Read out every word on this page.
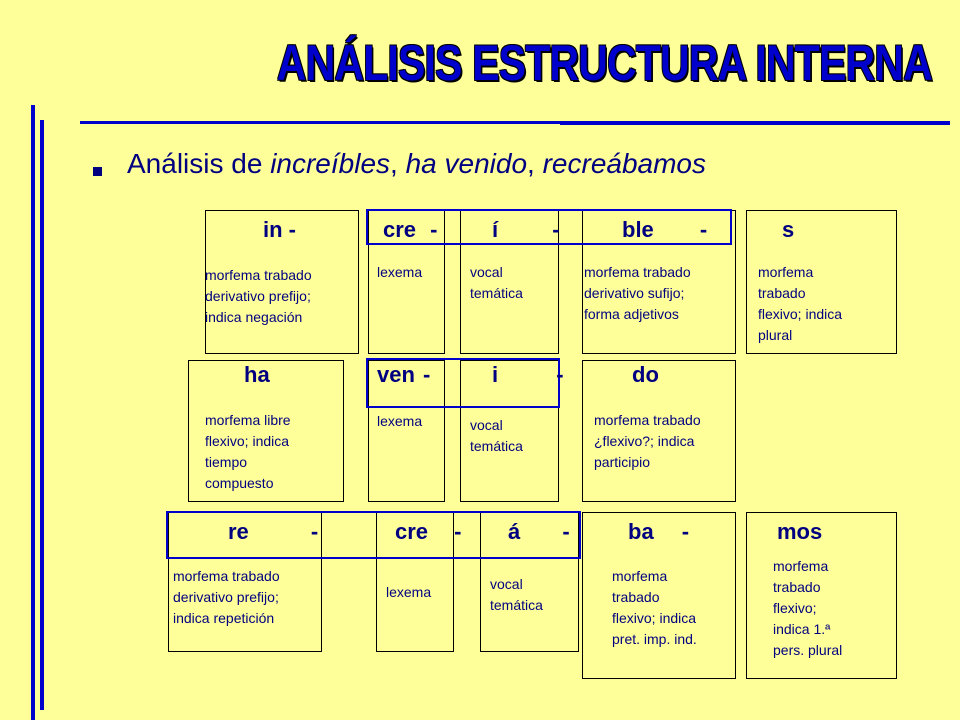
ANÁLISIS ESTRUCTURA INTERNA
Análisis de increíbles, ha venido, recreábamos
in -	cre - í -	ble -	s
morfema trabado
derivativo prefijo;
indica negación
lexema	vocal
temática
morfema trabado
derivativo sufijo;
forma adjetivos
morfema
trabado
flexivo; indica
plural
ha	ven -	i -	do
morfema libre
flexivo; indica
tiempo
compuesto
lexema	vocal
temática
morfema trabado
¿flexivo?; indica
participio
re -	cre - á -	ba -	mos
morfema trabado
derivativo prefijo;
indica repetición
lexema	vocal
temática
morfema
trabado
flexivo; indica
pret. imp. ind.
morfema
trabado
flexivo;
indica 1.ª
pers. plural
